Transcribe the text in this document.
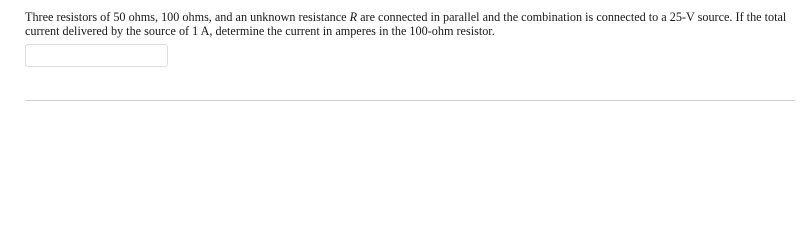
Three resistors of 50 ohms, 100 ohms, and an unknown resistance R are connected in parallel and the combination is connected to a 25-V source. If the total current delivered by the source of 1 A, determine the current in amperes in the 100-ohm resistor.
